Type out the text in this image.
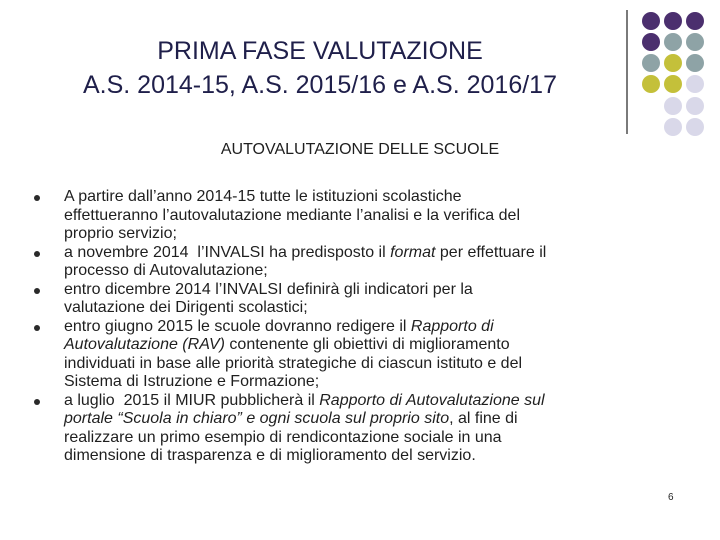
PRIMA FASE VALUTAZIONE
A.S. 2014-15, A.S. 2015/16 e A.S. 2016/17
AUTOVALUTAZIONE DELLE SCUOLE
A partire dall’anno 2014-15 tutte le istituzioni scolastiche
effettueranno l’autovalutazione mediante l’analisi e la verifica del
proprio servizio;
a novembre 2014  l’INVALSI ha predisposto il format per effettuare il
processo di Autovalutazione;
entro dicembre 2014 l’INVALSI definirà gli indicatori per la
valutazione dei Dirigenti scolastici;
entro giugno 2015 le scuole dovranno redigere il Rapporto di
Autovalutazione (RAV) contenente gli obiettivi di miglioramento
individuati in base alle priorità strategiche di ciascun istituto e del
Sistema di Istruzione e Formazione;
a luglio  2015 il MIUR pubblicherà il Rapporto di Autovalutazione sul
portale “Scuola in chiaro” e ogni scuola sul proprio sito, al fine di
realizzare un primo esempio di rendicontazione sociale in una
dimensione di trasparenza e di miglioramento del servizio.
6
